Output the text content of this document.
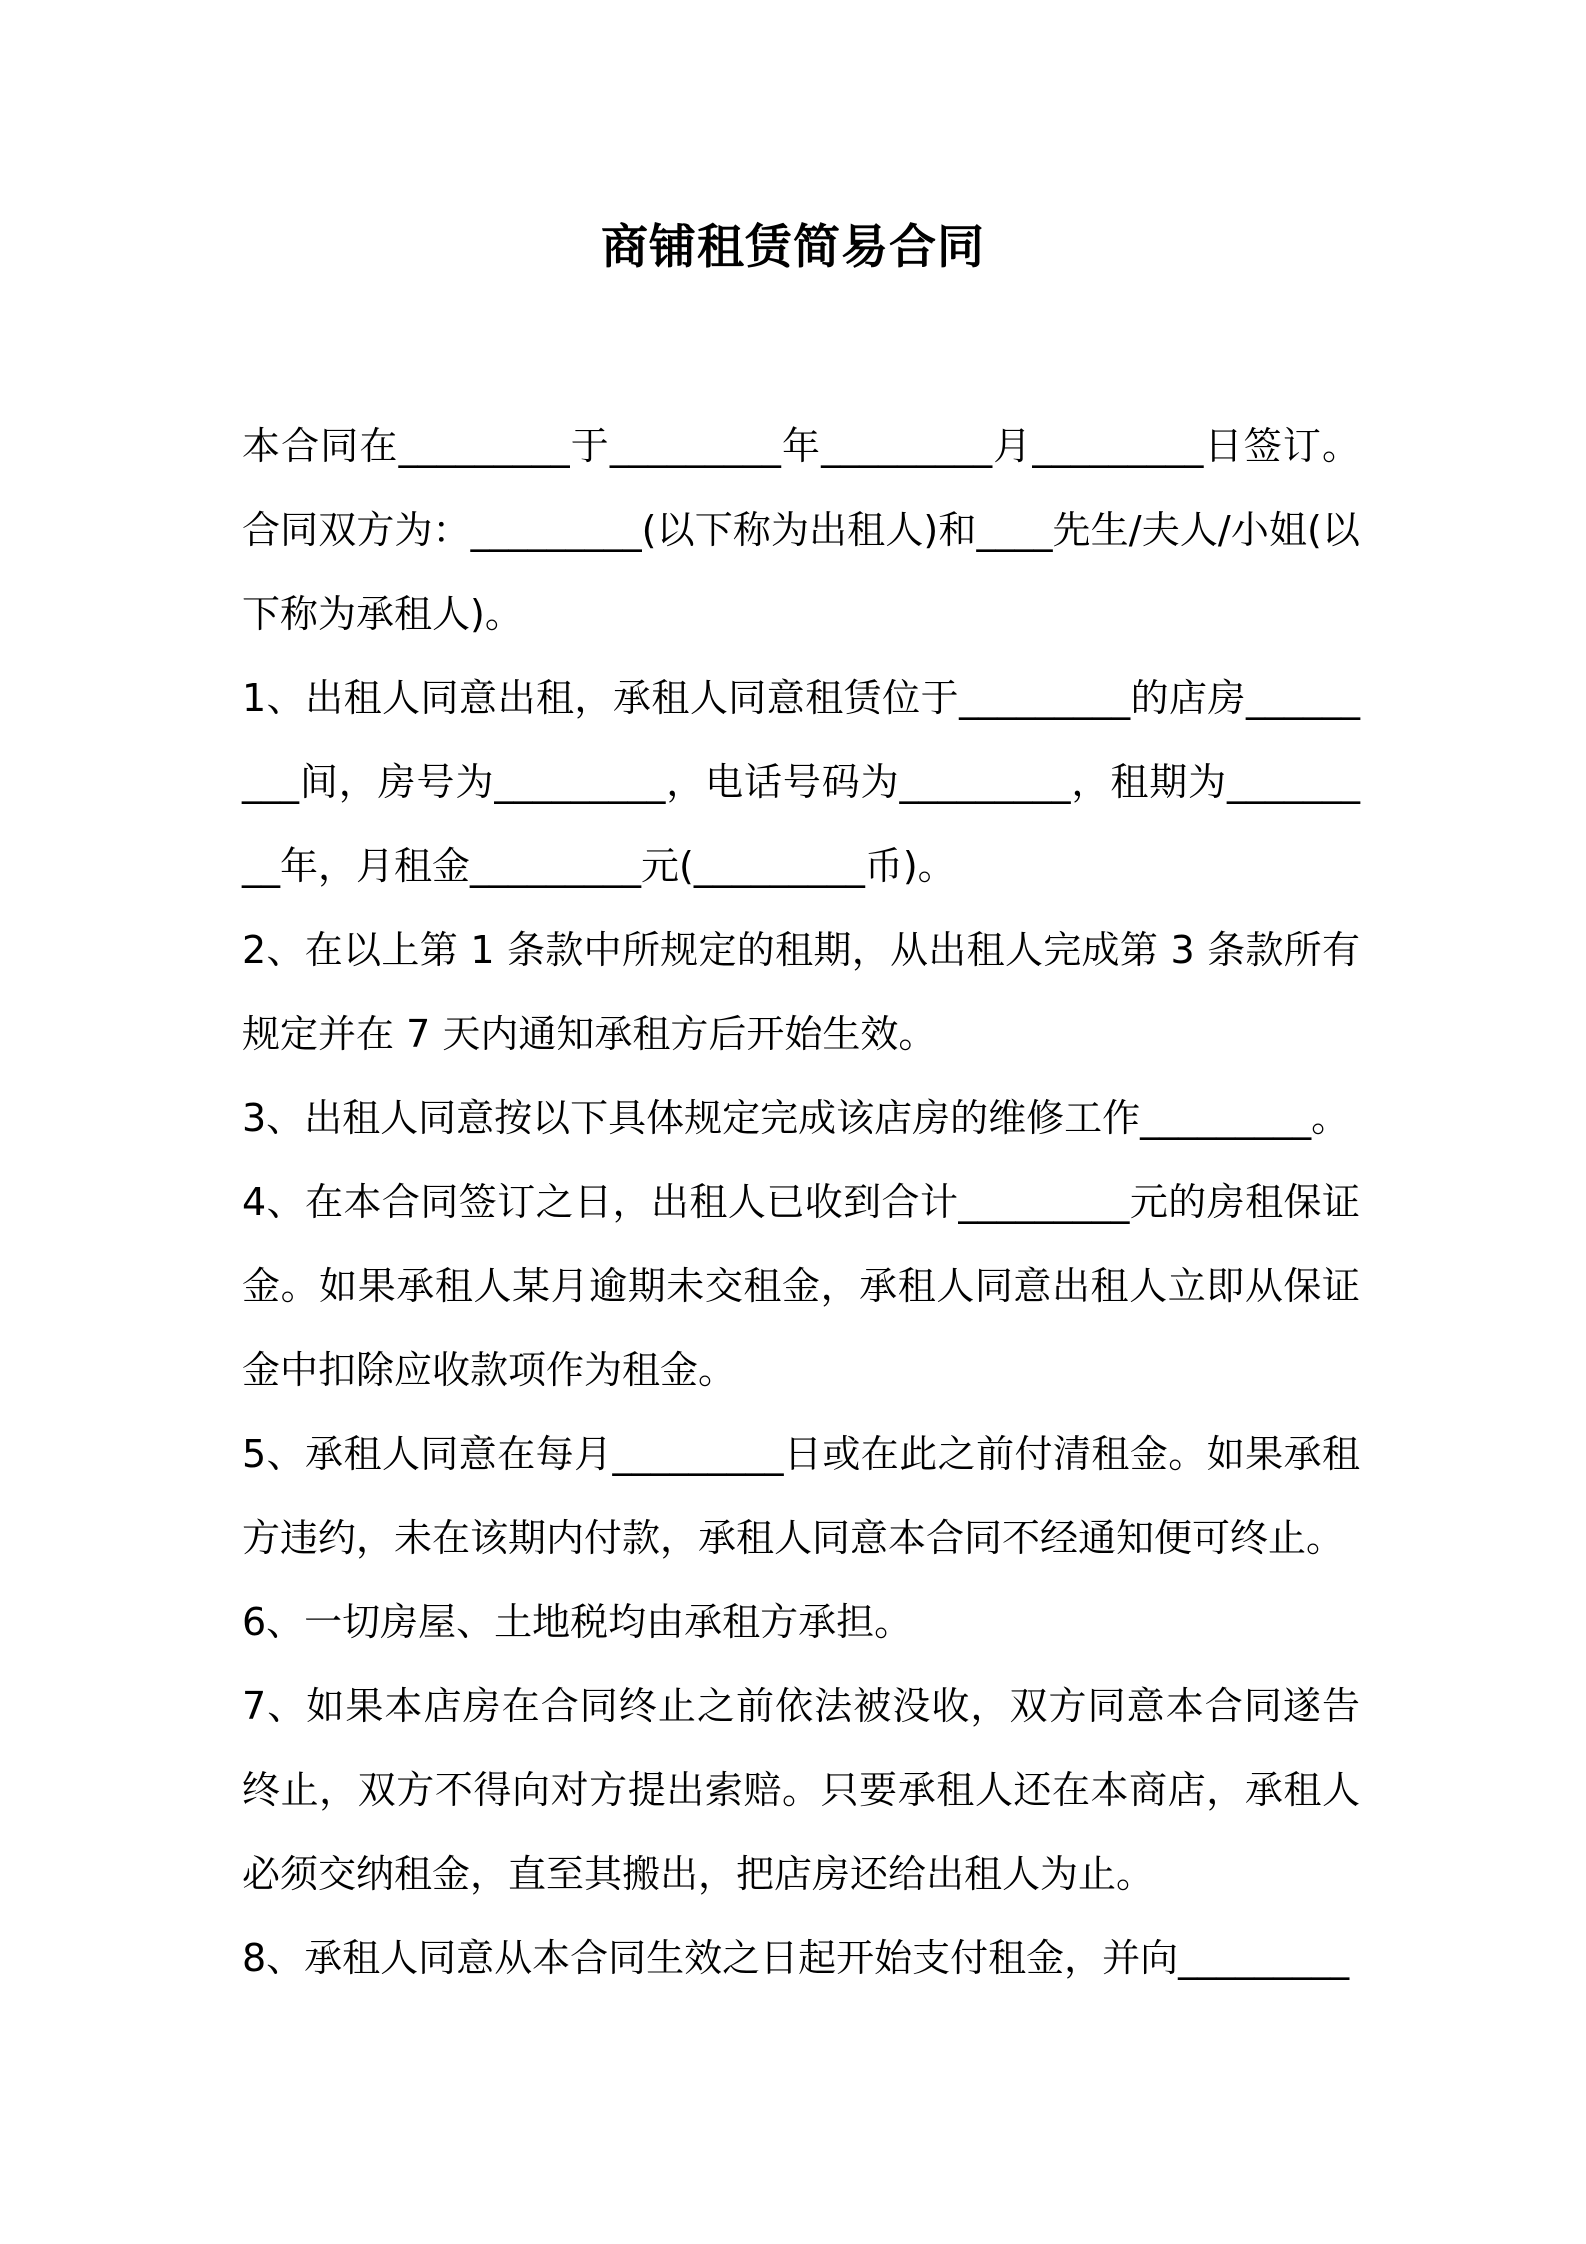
商铺租赁简易合同

本合同在_________于_________年_________月_________日签订。合同双方为：_________(以下称为出租人)和____先生/夫人/小姐(以下称为承租人)。

1、出租人同意出租，承租人同意租赁位于_________的店房_________间，房号为_________，电话号码为_________，租期为_________年，月租金_________元(_________币)。

2、在以上第 1 条款中所规定的租期，从出租人完成第 3 条款所有规定并在 7 天内通知承租方后开始生效。

3、出租人同意按以下具体规定完成该店房的维修工作_________。

4、在本合同签订之日，出租人已收到合计_________元的房租保证金。如果承租人某月逾期未交租金，承租人同意出租人立即从保证金中扣除应收款项作为租金。

5、承租人同意在每月_________日或在此之前付清租金。如果承租方违约，未在该期内付款，承租人同意本合同不经通知便可终止。

6、一切房屋、土地税均由承租方承担。

7、如果本店房在合同终止之前依法被没收，双方同意本合同遂告终止，双方不得向对方提出索赔。只要承租人还在本商店，承租人必须交纳租金，直至其搬出，把店房还给出租人为止。

8、承租人同意从本合同生效之日起开始支付租金，并向_________
